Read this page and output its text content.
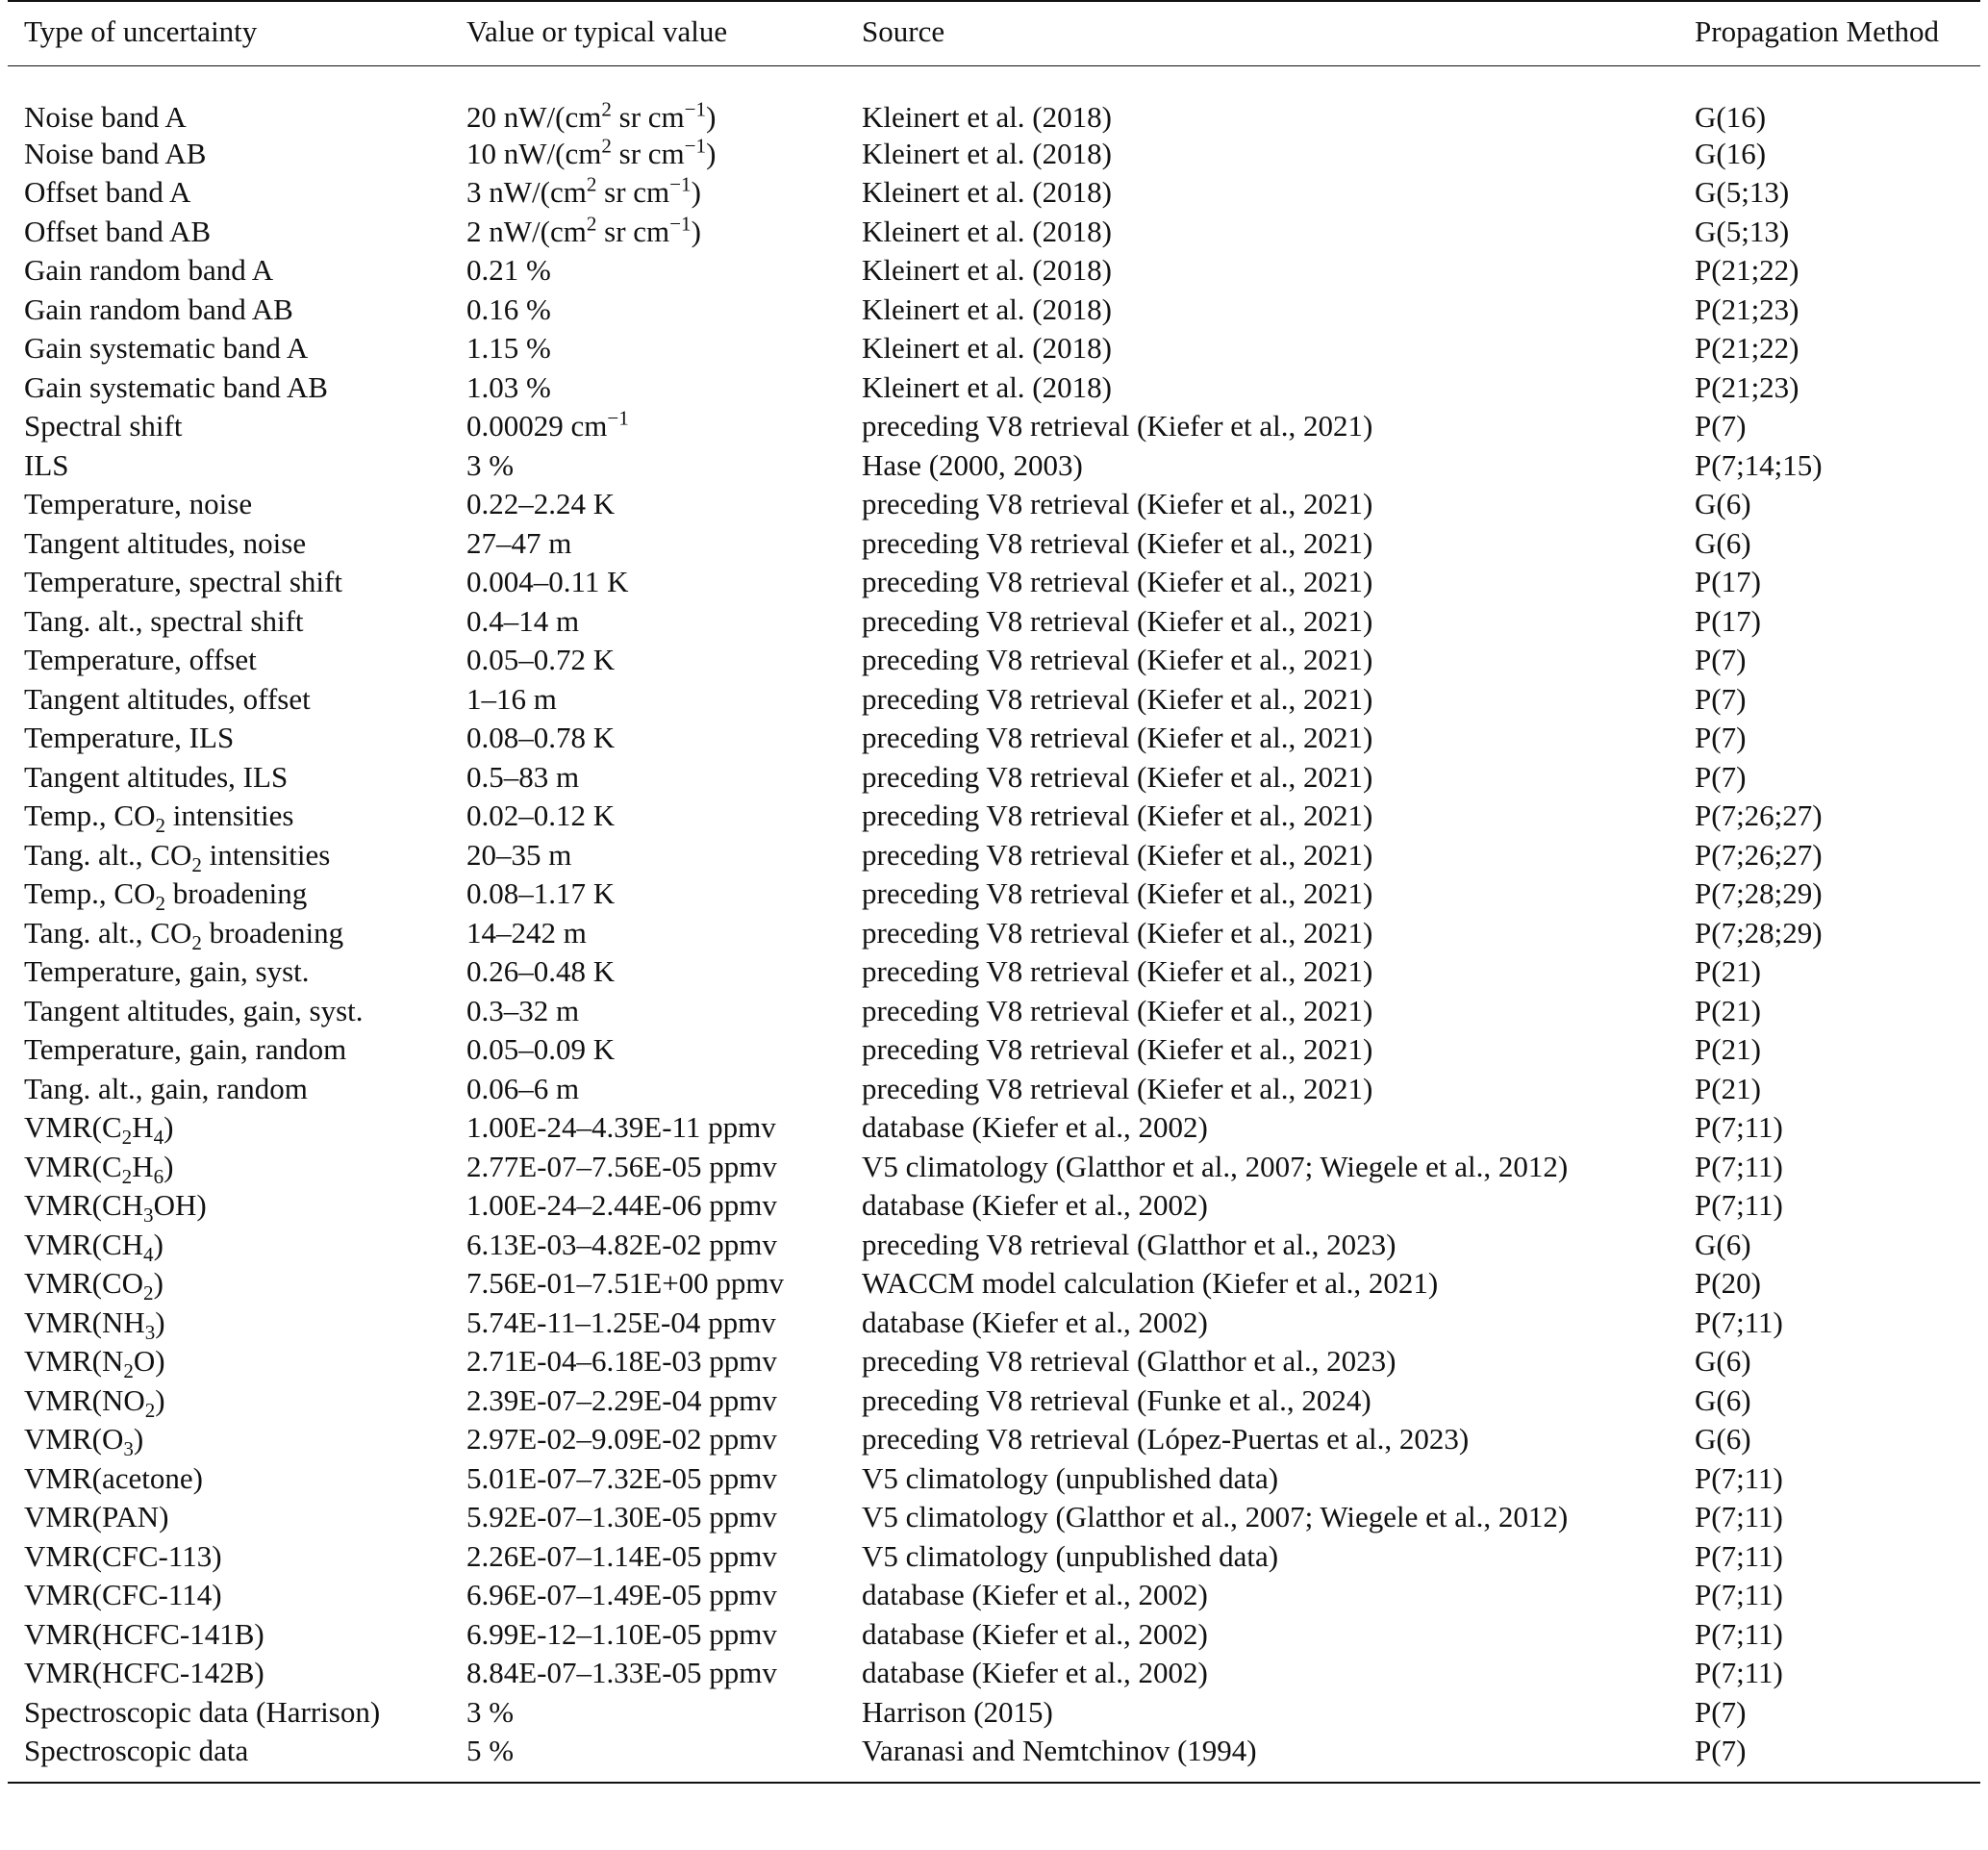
Type of uncertainty	Value or typical value	Source	Propagation Method
Noise band A	20 $nW/(cm^2$ sr $cm^{-1}$)	Kleinert et al. (2018)	G(16)
Noise band AB	10 $nW/(cm^2$ sr $cm^{-1}$)	Kleinert et al. (2018)	G(16)
Offset band A	3 $nW/(cm^2$ sr $cm^{-1}$)	Kleinert et al. (2018)	G(5;13)
Offset band AB	2 $nW/(cm^2$ sr $cm^{-1}$)	Kleinert et al. (2018)	G(5;13)
Gain random band A	0.21 %	Kleinert et al. (2018)	P(21;22)
Gain random band AB	0.16 %	Kleinert et al. (2018)	P(21;23)
Gain systematic band A	1.15 %	Kleinert et al. (2018)	P(21;22)
Gain systematic band AB	1.03 %	Kleinert et al. (2018)	P(21;23)
Spectral shift	0.00029 $cm^{-1}$	preceding V8 retrieval (Kiefer et al., 2021)	P(7)
ILS	3 %	Hase (2000, 2003)	P(7;14;15)
Temperature, noise	0.22–2.24 K	preceding V8 retrieval (Kiefer et al., 2021)	G(6)
Tangent altitudes, noise	27–47 m	preceding V8 retrieval (Kiefer et al., 2021)	G(6)
Temperature, spectral shift	0.004–0.11 K	preceding V8 retrieval (Kiefer et al., 2021)	P(17)
Tang. alt., spectral shift	0.4–14 m	preceding V8 retrieval (Kiefer et al., 2021)	P(17)
Temperature, offset	0.05–0.72 K	preceding V8 retrieval (Kiefer et al., 2021)	P(7)
Tangent altitudes, offset	1–16 m	preceding V8 retrieval (Kiefer et al., 2021)	P(7)
Temperature, ILS	0.08–0.78 K	preceding V8 retrieval (Kiefer et al., 2021)	P(7)
Tangent altitudes, ILS	0.5–83 m	preceding V8 retrieval (Kiefer et al., 2021)	P(7)
Temp., $CO_2$ intensities	0.02–0.12 K	preceding V8 retrieval (Kiefer et al., 2021)	P(7;26;27)
Tang. alt., $CO_2$ intensities	20–35 m	preceding V8 retrieval (Kiefer et al., 2021)	P(7;26;27)
Temp., $CO_2$ broadening	0.08–1.17 K	preceding V8 retrieval (Kiefer et al., 2021)	P(7;28;29)
Tang. alt., $CO_2$ broadening	14–242 m	preceding V8 retrieval (Kiefer et al., 2021)	P(7;28;29)
Temperature, gain, syst.	0.26–0.48 K	preceding V8 retrieval (Kiefer et al., 2021)	P(21)
Tangent altitudes, gain, syst.	0.3–32 m	preceding V8 retrieval (Kiefer et al., 2021)	P(21)
Temperature, gain, random	0.05–0.09 K	preceding V8 retrieval (Kiefer et al., 2021)	P(21)
Tang. alt., gain, random	0.06–6 m	preceding V8 retrieval (Kiefer et al., 2021)	P(21)
$VMR(C_2H_4)$	1.00E-24–4.39E-11 ppmv	database (Kiefer et al., 2002)	P(7;11)
$VMR(C_2H_6)$	2.77E-07–7.56E-05 ppmv	V5 climatology (Glatthor et al., 2007; Wiegele et al., 2012)	P(7;11)
$VMR(CH_3OH)$	1.00E-24–2.44E-06 ppmv	database (Kiefer et al., 2002)	P(7;11)
$VMR(CH_4)$	6.13E-03–4.82E-02 ppmv	preceding V8 retrieval (Glatthor et al., 2023)	G(6)
$VMR(CO_2)$	7.56E-01–7.51E+00 ppmv	WACCM model calculation (Kiefer et al., 2021)	P(20)
$VMR(NH_3)$	5.74E-11–1.25E-04 ppmv	database (Kiefer et al., 2002)	P(7;11)
$VMR(N_2O)$	2.71E-04–6.18E-03 ppmv	preceding V8 retrieval (Glatthor et al., 2023)	G(6)
$VMR(NO_2)$	2.39E-07–2.29E-04 ppmv	preceding V8 retrieval (Funke et al., 2024)	G(6)
$VMR(O_3)$	2.97E-02–9.09E-02 ppmv	preceding V8 retrieval (López-Puertas et al., 2023)	G(6)
VMR(acetone)	5.01E-07–7.32E-05 ppmv	V5 climatology (unpublished data)	P(7;11)
VMR(PAN)	5.92E-07–1.30E-05 ppmv	V5 climatology (Glatthor et al., 2007; Wiegele et al., 2012)	P(7;11)
VMR(CFC-113)	2.26E-07–1.14E-05 ppmv	V5 climatology (unpublished data)	P(7;11)
VMR(CFC-114)	6.96E-07–1.49E-05 ppmv	database (Kiefer et al., 2002)	P(7;11)
VMR(HCFC-141B)	6.99E-12–1.10E-05 ppmv	database (Kiefer et al., 2002)	P(7;11)
VMR(HCFC-142B)	8.84E-07–1.33E-05 ppmv	database (Kiefer et al., 2002)	P(7;11)
Spectroscopic data (Harrison)	3 %	Harrison (2015)	P(7)
Spectroscopic data	5 %	Varanasi and Nemtchinov (1994)	P(7)
